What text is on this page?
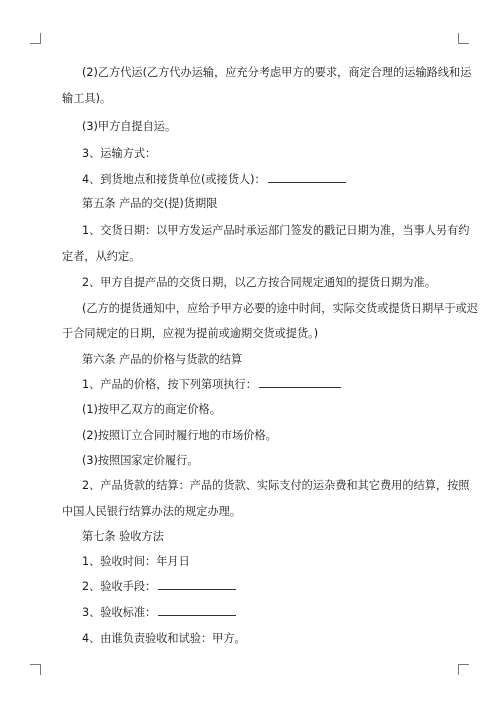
(2)乙方代运(乙方代办运输，应充分考虑甲方的要求，商定合理的运输路线和运
输工具)。
(3)甲方自提自运。
3、运输方式：
4、到货地点和接货单位(或接货人)：
第五条 产品的交(提)货期限
1、交货日期：以甲方发运产品时承运部门签发的戳记日期为准，当事人另有约
定者，从约定。
2、甲方自提产品的交货日期，以乙方按合同规定通知的提货日期为准。
(乙方的提货通知中，应给予甲方必要的途中时间，实际交货或提货日期早于或迟
于合同规定的日期，应视为提前或逾期交货或提货。)
第六条 产品的价格与货款的结算
1、产品的价格，按下列第项执行：
(1)按甲乙双方的商定价格。
(2)按照订立合同时履行地的市场价格。
(3)按照国家定价履行。
2、产品货款的结算：产品的货款、实际支付的运杂费和其它费用的结算，按照
中国人民银行结算办法的规定办理。
第七条 验收方法
1、验收时间：年月日
2、验收手段：
3、验收标准：
4、由谁负责验收和试验：甲方。
